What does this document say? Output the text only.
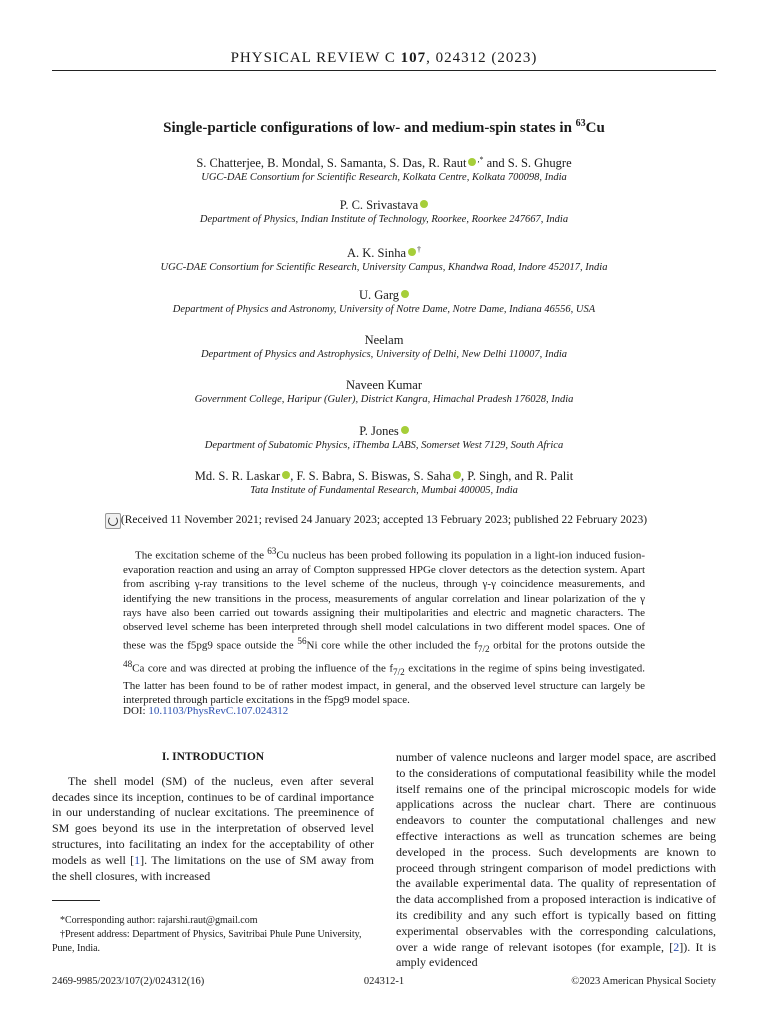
PHYSICAL REVIEW C 107, 024312 (2023)
Single-particle configurations of low- and medium-spin states in $^{63}$Cu
S. Chatterjee, B. Mondal, S. Samanta, S. Das, R. Raut ,* and S. S. Ghugre
UGC-DAE Consortium for Scientific Research, Kolkata Centre, Kolkata 700098, India
P. C. Srivastava
Department of Physics, Indian Institute of Technology, Roorkee, Roorkee 247667, India
A. K. Sinha †
UGC-DAE Consortium for Scientific Research, University Campus, Khandwa Road, Indore 452017, India
U. Garg
Department of Physics and Astronomy, University of Notre Dame, Notre Dame, Indiana 46556, USA
Neelam
Department of Physics and Astrophysics, University of Delhi, New Delhi 110007, India
Naveen Kumar
Government College, Haripur (Guler), District Kangra, Himachal Pradesh 176028, India
P. Jones
Department of Subatomic Physics, iThemba LABS, Somerset West 7129, South Africa
Md. S. R. Laskar , F. S. Babra, S. Biswas, S. Saha , P. Singh, and R. Palit
Tata Institute of Fundamental Research, Mumbai 400005, India
(Received 11 November 2021; revised 24 January 2023; accepted 13 February 2023; published 22 February 2023)
The excitation scheme of the $^{63}$Cu nucleus has been probed following its population in a light-ion induced fusion-evaporation reaction and using an array of Compton suppressed HPGe clover detectors as the detection system. Apart from ascribing γ-ray transitions to the level scheme of the nucleus, through γ-γ coincidence measurements, and identifying the new transitions in the process, measurements of angular correlation and linear polarization of the γ rays have also been carried out towards assigning their multipolarities and electric and magnetic characters. The observed level scheme has been interpreted through shell model calculations in two different model spaces. One of these was the f5pg9 space outside the $^{56}$Ni core while the other included the $f_{7/2}$ orbital for the protons outside the $^{48}$Ca core and was directed at probing the influence of the $f_{7/2}$ excitations in the regime of spins being investigated. The latter has been found to be of rather modest impact, in general, and the observed level structure can largely be interpreted through particle excitations in the f5pg9 model space.
DOI: 10.1103/PhysRevC.107.024312
I. INTRODUCTION

The shell model (SM) of the nucleus, even after several decades since its inception, continues to be of cardinal importance in our understanding of nuclear excitations. The preeminence of SM goes beyond its use in the interpretation of observed level structures, into facilitating an index for the acceptability of other models as well [1]. The limitations on the use of SM away from the shell closures, with increased

number of valence nucleons and larger model space, are ascribed to the considerations of computational feasibility while the model itself remains one of the principal microscopic models for wide applications across the nuclear chart. There are continuous endeavors to counter the computational challenges and new effective interactions as well as truncation schemes are being developed in the process. Such developments are known to proceed through stringent comparison of model predictions with the available experimental data. The quality of representation of the data accomplished from a proposed interaction is indicative of its credibility and any such effort is typically based on fitting experimental observables with the corresponding calculations, over a wide range of relevant isotopes (for example, [2]). It is amply evidenced

*Corresponding author: rajarshi.raut@gmail.com

†Present address: Department of Physics, Savitribai Phule Pune University, Pune, India.

2469-9985/2023/107(2)/024312(16)	024312-1	©2023 American Physical Society
